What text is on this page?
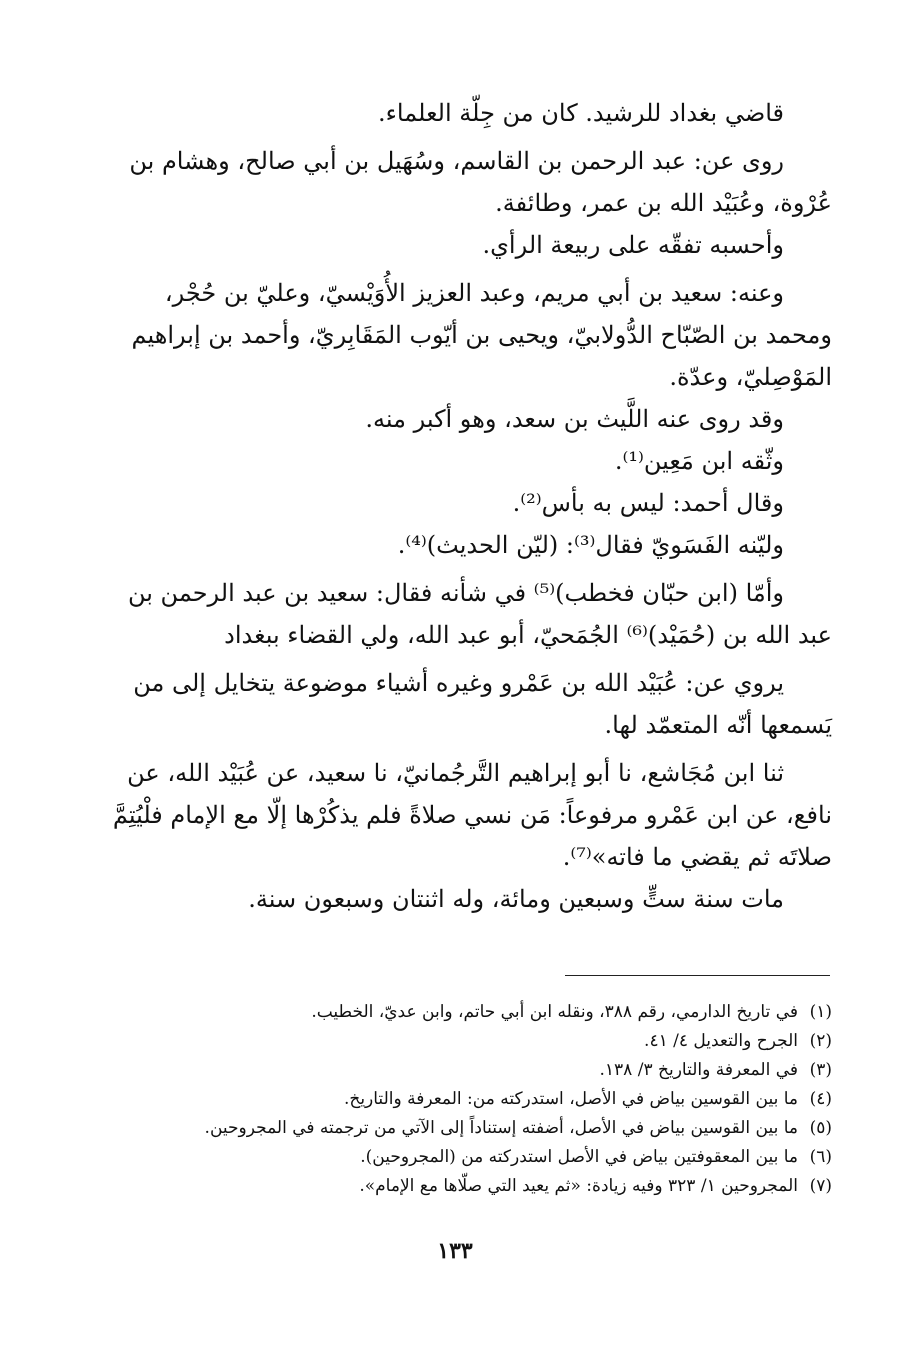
قاضي بغداد للرشيد. كان من جِلّة العلماء.

روى عن: عبد الرحمن بن القاسم، وسُهَيل بن أبي صالح، وهشام بن
عُرْوة، وعُبَيْد الله بن عمر، وطائفة.
وأحسبه تفقّه على ربيعة الرأي.

وعنه: سعيد بن أبي مريم، وعبد العزيز الأُوَيْسيّ، وعليّ بن حُجْر،
ومحمد بن الصّبّاح الدُّولابيّ، ويحيى بن أيّوب المَقَابِريّ، وأحمد بن إبراهيم
المَوْصِليّ، وعدّة.

وقد روى عنه اللَّيث بن سعد، وهو أكبر منه.
وثّقه ابن مَعِين⁽¹⁾.
وقال أحمد: ليس به بأس⁽²⁾.
وليّنه الفَسَويّ فقال⁽³⁾: (ليّن الحديث)⁽⁴⁾.

وأمّا (ابن حبّان فخطب)⁽⁵⁾ في شأنه فقال: سعيد بن عبد الرحمن بن
عبد الله بن (حُمَيْد)⁽⁶⁾ الجُمَحيّ، أبو عبد الله، ولي القضاء ببغداد

يروي عن: عُبَيْد الله بن عَمْرو وغيره أشياء موضوعة يتخايل إلى من
يَسمعها أنّه المتعمّد لها.

ثنا ابن مُجَاشع، نا أبو إبراهيم التَّرجُمانيّ، نا سعيد، عن عُبَيْد الله، عن
نافع، عن ابن عَمْرو مرفوعاً: مَن نسي صلاةً فلم يذكُرْها إلّا مع الإمام فلْيُتِمَّ
صلاتَه ثم يقضي ما فاته»⁽⁷⁾.

مات سنة ستٍّ وسبعين ومائة، وله اثنتان وسبعون سنة.

(١)في تاريخ الدارمي، رقم ٣٨٨، ونقله ابن أبي حاتم، وابن عديّ، الخطيب.
(٢)الجرح والتعديل ٤/ ٤١.
(٣)في المعرفة والتاريخ ٣/ ١٣٨.
(٤)ما بين القوسين بياض في الأصل، استدركته من: المعرفة والتاريخ.
(٥)ما بين القوسين بياض في الأصل، أضفته إستناداً إلى الآتي من ترجمته في المجروحين.
(٦)ما بين المعقوفتين بياض في الأصل استدركته من (المجروحين).
(٧)المجروحين ١/ ٣٢٣ وفيه زيادة: «ثم يعيد التي صلّاها مع الإمام».
١٣٣
